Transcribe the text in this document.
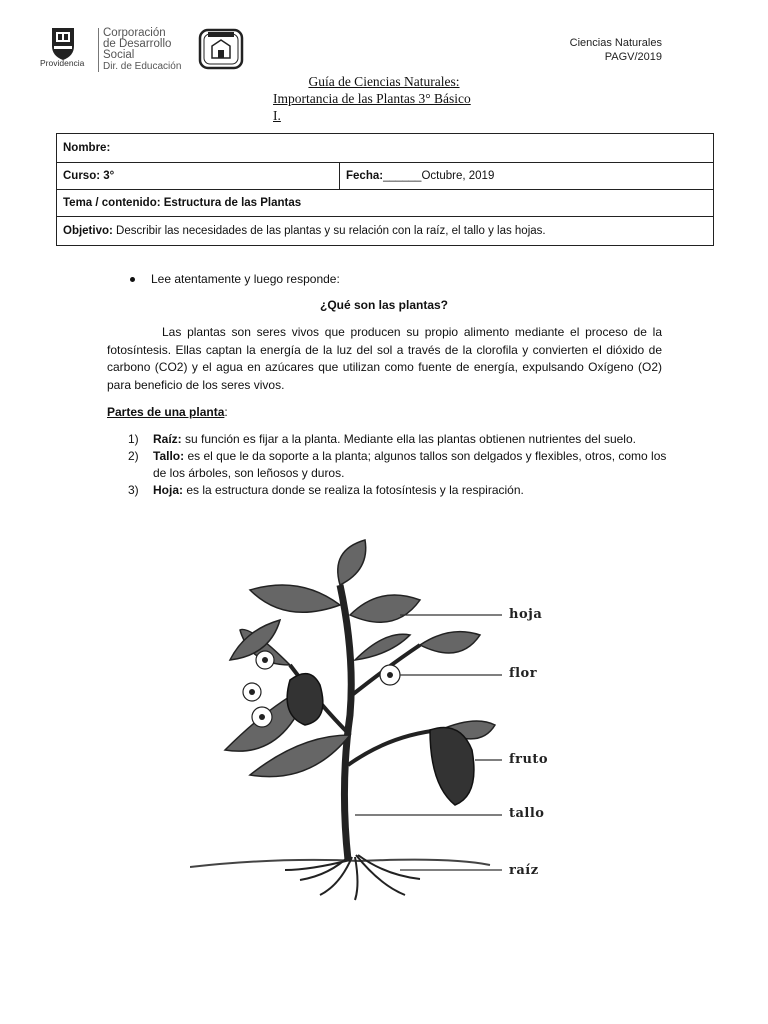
Providencia
Corporación
de Desarrollo
Social
Dir. de Educación
Ciencias Naturales
PAGV/2019
Guía de Ciencias Naturales:
Importancia de las Plantas 3° Básico
I.
Nombre:
Curso: 3°	Fecha:______Octubre, 2019
Tema / contenido: Estructura de las Plantas
Objetivo: Describir las necesidades de las plantas y su relación con la raíz, el tallo y las hojas.
Lee atentamente y luego responde:
¿Qué son las plantas?
Las plantas son seres vivos que producen su propio alimento mediante el proceso de la fotosíntesis. Ellas captan la energía de la luz del sol a través de la clorofila y convierten el dióxido de carbono (CO2) y el agua en azúcares que utilizan como fuente de energía, expulsando Oxígeno (O2) para beneficio de los seres vivos.
Partes de una planta:
1)	Raíz: su función es fijar a la planta. Mediante ella las plantas obtienen nutrientes del suelo.
2)	Tallo: es el que le da soporte a la planta; algunos tallos son delgados y flexibles, otros, como los de los árboles, son leñosos y duros.
3)	Hoja: es la estructura donde se realiza la fotosíntesis y la respiración.
hoja
flor
fruto
tallo
raíz
